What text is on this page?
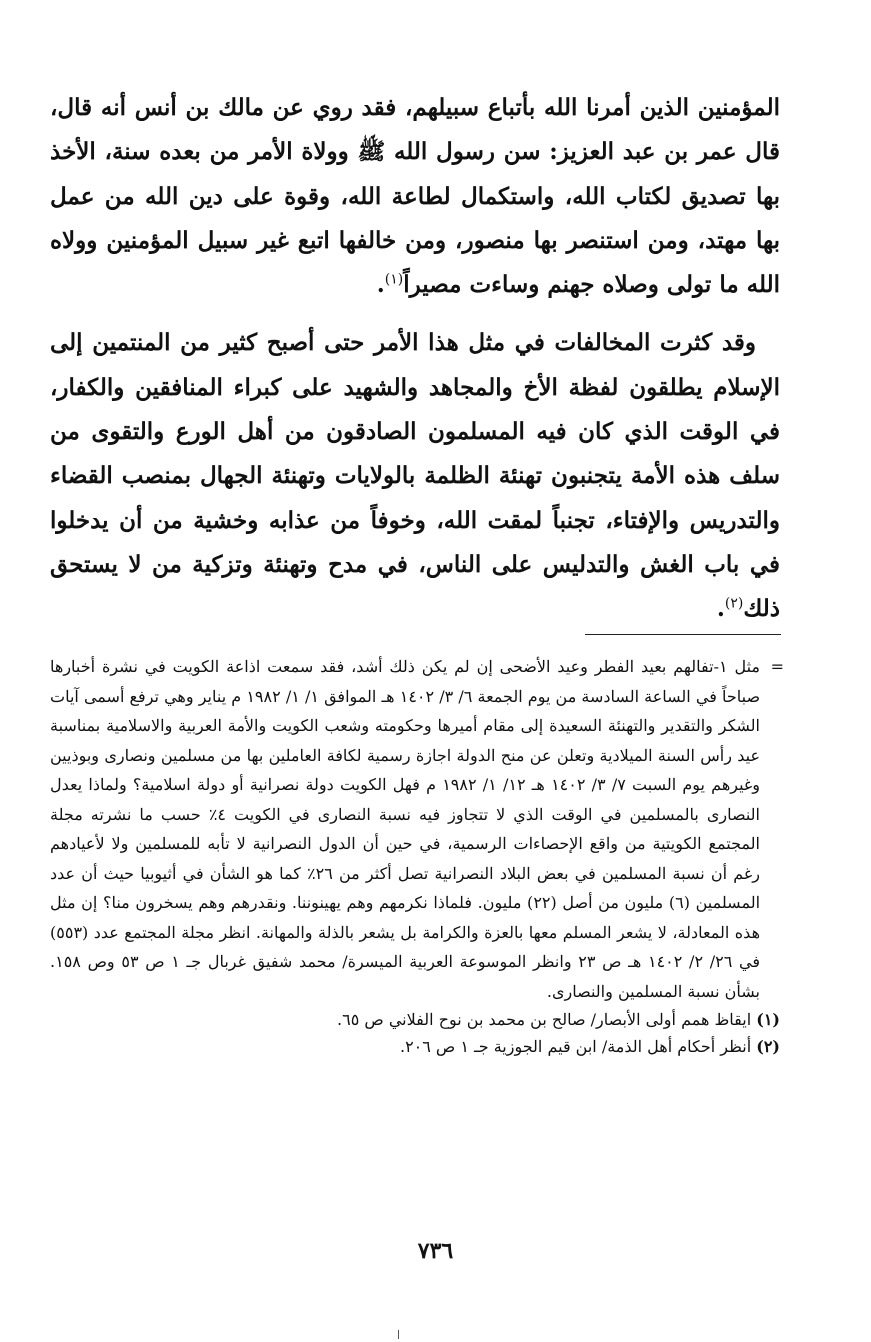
المؤمنين الذين أمرنا الله بأتباع سبيلهم، فقد روي عن مالك بن أنس أنه قال، قال عمر بن عبد العزيز: سن رسول الله ﷺ وولاة الأمر من بعده سنة، الأخذ بها تصديق لكتاب الله، واستكمال لطاعة الله، وقوة على دين الله من عمل بها مهتد، ومن استنصر بها منصور، ومن خالفها اتبع غير سبيل المؤمنين وولاه الله ما تولى وصلاه جهنم وساءت مصيراً$^{(١)}$.

وقد كثرت المخالفات في مثل هذا الأمر حتى أصبح كثير من المنتمين إلى الإسلام يطلقون لفظة الأخ والمجاهد والشهيد على كبراء المنافقين والكفار، في الوقت الذي كان فيه المسلمون الصادقون من أهل الورع والتقوى من سلف هذه الأمة يتجنبون تهنئة الظلمة بالولايات وتهنئة الجهال بمنصب القضاء والتدريس والإفتاء، تجنباً لمقت الله، وخوفاً من عذابه وخشية من أن يدخلوا في باب الغش والتدليس على الناس، في مدح وتهنئة وتزكية من لا يستحق ذلك$^{(٢)}$.

=
مثل ١-تفالهم بعيد الفطر وعيد الأضحى إن لم يكن ذلك أشد، فقد سمعت اذاعة الكويت في نشرة أخبارها صباحاً في الساعة السادسة من يوم الجمعة ٦/ ٣/ ١٤٠٢ هـ الموافق ١/ ١/ ١٩٨٢ م يناير وهي ترفع أسمى آيات الشكر والتقدير والتهنئة السعيدة إلى مقام أميرها وحكومته وشعب الكويت والأمة العربية والاسلامية بمناسبة عيد رأس السنة الميلادية وتعلن عن منح الدولة اجازة رسمية لكافة العاملين بها من مسلمين ونصارى وبوذيين وغيرهم يوم السبت ٧/ ٣/ ١٤٠٢ هـ ١٢/ ١/ ١٩٨٢ م فهل الكويت دولة نصرانية أو دولة اسلامية؟ ولماذا يعدل النصارى بالمسلمين في الوقت الذي لا تتجاوز فيه نسبة النصارى في الكويت ٤٪ حسب ما نشرته مجلة المجتمع الكويتية من واقع الإحصاءات الرسمية، في حين أن الدول النصرانية لا تأبه للمسلمين ولا لأعيادهم رغم أن نسبة المسلمين في بعض البلاد النصرانية تصل أكثر من ٢٦٪ كما هو الشأن في أثيوبيا حيث أن عدد المسلمين (٦) مليون من أصل (٢٢) مليون. فلماذا نكرمهم وهم يهينوننا. ونقدرهم وهم يسخرون منا؟ إن مثل هذه المعادلة، لا يشعر المسلم معها بالعزة والكرامة بل يشعر بالذلة والمهانة. انظر مجلة المجتمع عدد (٥٥٣) في ٢٦/ ٢/ ١٤٠٢ هـ ص ٢٣ وانظر الموسوعة العربية الميسرة/ محمد شفيق غربال جـ ١ ص ٥٣ وص ١٥٨. بشأن نسبة المسلمين والنصارى.

(١) ايقاظ همم أولى الأبصار/ صالح بن محمد بن نوح الفلاني ص ٦٥.

(٢) أنظر أحكام أهل الذمة/ ابن قيم الجوزية جـ ١ ص ٢٠٦.

٧٣٦
